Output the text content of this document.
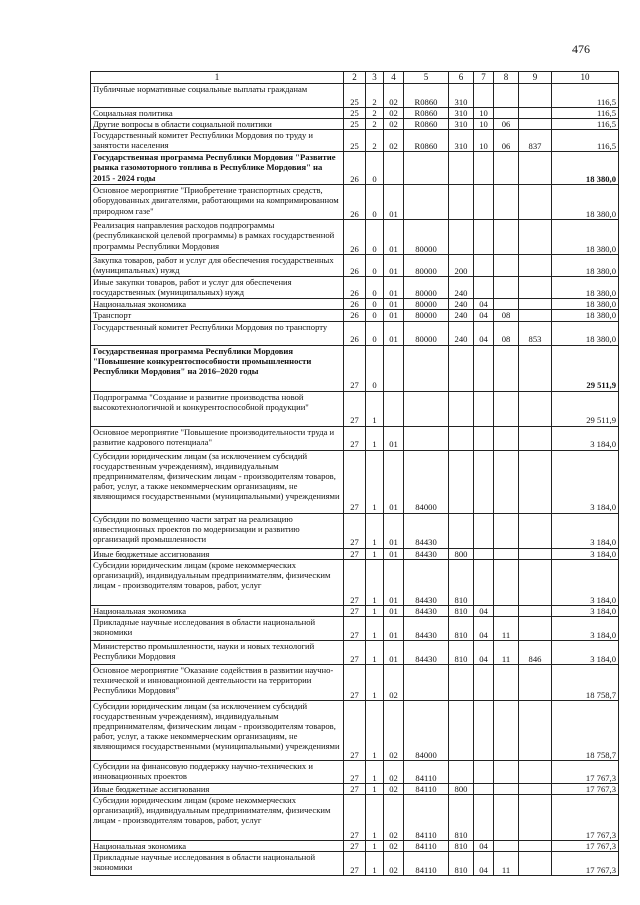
476
1	2	3	4	5	6	7	8	9	10
Публичные нормативные социальные выплаты гражданам	25	2	02	R0860	310				116,5
Социальная политика	25	2	02	R0860	310	10			116,5
Другие вопросы в области социальной политики	25	2	02	R0860	310	10	06		116,5
Государственный комитет Республики Мордовия по труду и занятости населения	25	2	02	R0860	310	10	06	837	116,5
Государственная программа Республики Мордовия "Развитие рынка газомоторного топлива в Республике Мордовия" на 2015 - 2024 годы	26	0							18 380,0
Основное мероприятие "Приобретение транспортных средств, оборудованных двигателями, работающими на компримированном природном газе"	26	0	01						18 380,0
Реализация направления расходов подпрограммы (республиканской целевой программы) в рамках государственной программы Республики Мордовия	26	0	01	80000					18 380,0
Закупка товаров, работ и услуг для обеспечения государственных (муниципальных) нужд	26	0	01	80000	200				18 380,0
Иные закупки товаров, работ и услуг для обеспечения государственных (муниципальных) нужд	26	0	01	80000	240				18 380,0
Национальная экономика	26	0	01	80000	240	04			18 380,0
Транспорт	26	0	01	80000	240	04	08		18 380,0
Государственный комитет Республики Мордовия по транспорту	26	0	01	80000	240	04	08	853	18 380,0
Государственная программа Республики Мордовия "Повышение конкурентоспособности промышленности Республики Мордовия" на 2016–2020 годы	27	0							29 511,9
Подпрограмма "Создание и развитие производства новой высокотехнологичной и конкурентоспособной продукции"	27	1							29 511,9
Основное мероприятие "Повышение производительности труда и развитие кадрового потенциала"	27	1	01						3 184,0
Субсидии юридическим лицам (за исключением субсидий государственным учреждениям), индивидуальным предпринимателям, физическим лицам - производителям товаров, работ, услуг, а также некоммерческим организациям, не являющимся государственными (муниципальными) учреждениями	27	1	01	84000					3 184,0
Субсидии по возмещению части затрат на реализацию инвестиционных проектов по модернизации и развитию организаций промышленности	27	1	01	84430					3 184,0
Иные бюджетные ассигнования	27	1	01	84430	800				3 184,0
Субсидии юридическим лицам (кроме некоммерческих организаций), индивидуальным предпринимателям, физическим лицам - производителям товаров, работ, услуг	27	1	01	84430	810				3 184,0
Национальная экономика	27	1	01	84430	810	04			3 184,0
Прикладные научные исследования в области национальной экономики	27	1	01	84430	810	04	11		3 184,0
Министерство промышленности, науки и новых технологий Республики Мордовия	27	1	01	84430	810	04	11	846	3 184,0
Основное мероприятие "Оказание содействия в развитии научно-технической и инновационной деятельности на территории Республики Мордовия"	27	1	02						18 758,7
Субсидии юридическим лицам (за исключением субсидий государственным учреждениям), индивидуальным предпринимателям, физическим лицам - производителям товаров, работ, услуг, а также некоммерческим организациям, не являющимся государственными (муниципальными) учреждениями	27	1	02	84000					18 758,7
Субсидии на финансовую поддержку научно-технических и инновационных проектов	27	1	02	84110					17 767,3
Иные бюджетные ассигнования	27	1	02	84110	800				17 767,3
Субсидии юридическим лицам (кроме некоммерческих организаций), индивидуальным предпринимателям, физическим лицам - производителям товаров, работ, услуг	27	1	02	84110	810				17 767,3
Национальная экономика	27	1	02	84110	810	04			17 767,3
Прикладные научные исследования в области национальной экономики	27	1	02	84110	810	04	11		17 767,3
